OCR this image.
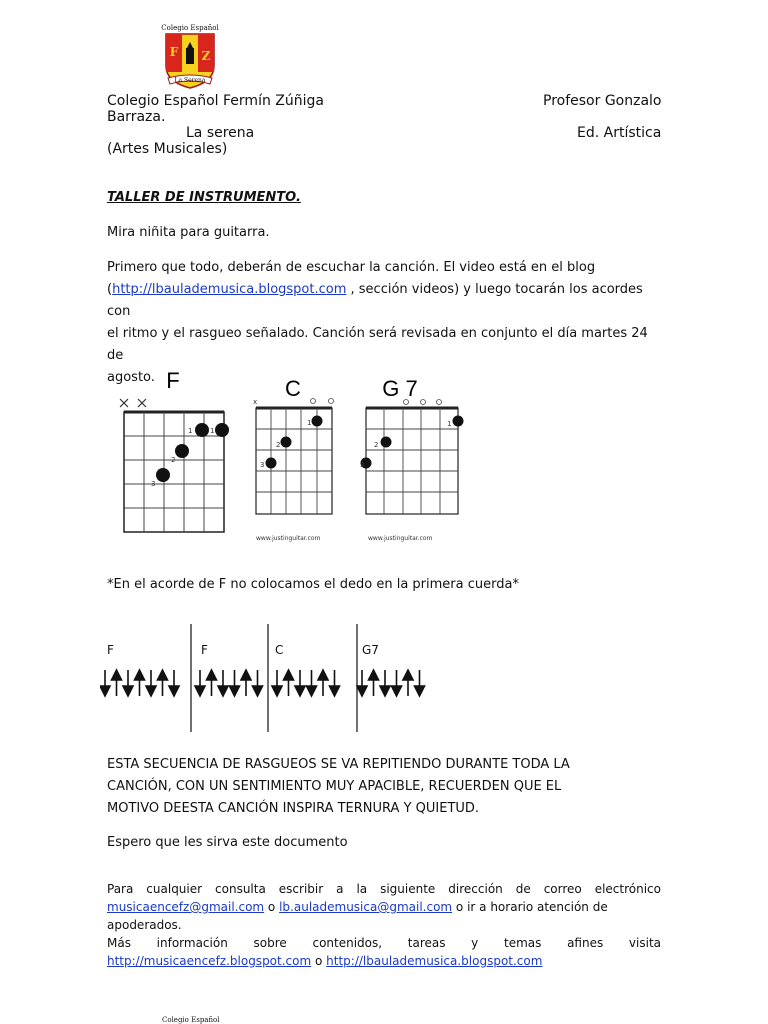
Colegio Español
F Z
La Serena
Colegio Español Fermín Zúñiga	Profesor Gonzalo
Barraza.
La serena	Ed. Artística
(Artes Musicales)
TALLER DE INSTRUMENTO.
Mira niñita para guitarra.
Primero que todo, deberán de escuchar la canción. El video está en el blog
(http://lbaulademusica.blogspot.com , sección videos) y luego tocarán los acordes con
el ritmo y el rasgueo señalado. Canción será revisada en conjunto el día martes 24 de
agosto. F
1	1
2
3
C
x
1
2
3
www.justinguitar.com
G 7
1
2
3
www.justinguitar.com
*En el acorde de F no colocamos el dedo en la primera cuerda*
F	F	C	G7
ESTA SECUENCIA DE RASGUEOS SE VA REPITIENDO DURANTE TODA LA
CANCIÓN, CON UN SENTIMIENTO MUY APACIBLE, RECUERDEN QUE EL
MOTIVO DEESTA CANCIÓN INSPIRA TERNURA Y QUIETUD.
Espero que les sirva este documento
Para cualquier consulta escribir a la siguiente dirección de correo electrónico
musicaencefz@gmail.com o lb.aulademusica@gmail.com o ir a horario atención de apoderados.
Más información sobre contenidos, tareas y temas afines visita
http://musicaencefz.blogspot.com o http://lbaulademusica.blogspot.com
Colegio Español
